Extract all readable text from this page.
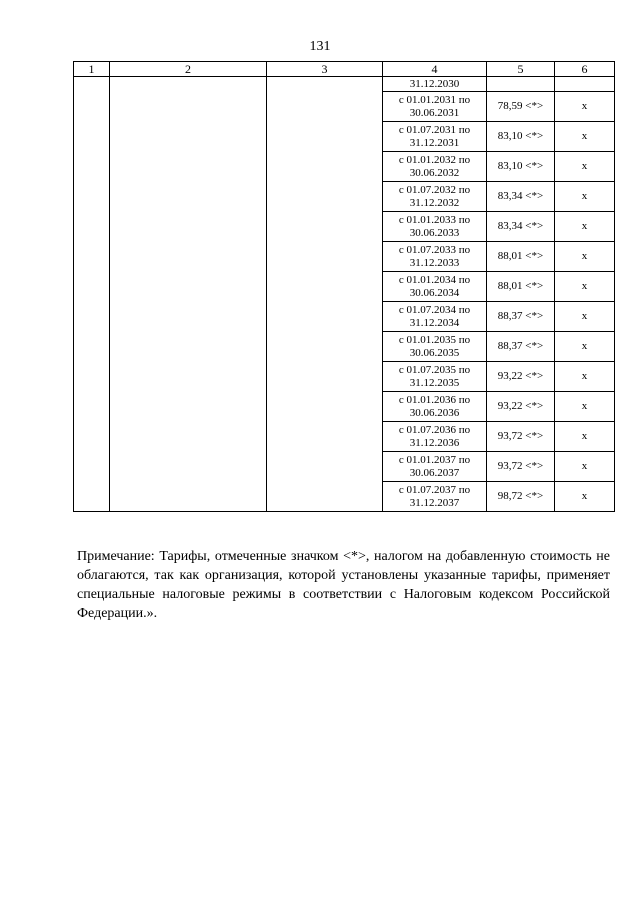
131
1	2	3	4	5	6
			31.12.2030		
			с 01.01.2031 по
30.06.2031	78,59 <*>	x
			с 01.07.2031 по
31.12.2031	83,10 <*>	x
			с 01.01.2032 по
30.06.2032	83,10 <*>	x
			с 01.07.2032 по
31.12.2032	83,34 <*>	x
			с 01.01.2033 по
30.06.2033	83,34 <*>	x
			с 01.07.2033 по
31.12.2033	88,01 <*>	x
			с 01.01.2034 по
30.06.2034	88,01 <*>	x
			с 01.07.2034 по
31.12.2034	88,37 <*>	x
			с 01.01.2035 по
30.06.2035	88,37 <*>	x
			с 01.07.2035 по
31.12.2035	93,22 <*>	x
			с 01.01.2036 по
30.06.2036	93,22 <*>	x
			с 01.07.2036 по
31.12.2036	93,72 <*>	x
			с 01.01.2037 по
30.06.2037	93,72 <*>	x
			с 01.07.2037 по
31.12.2037	98,72 <*>	x

Примечание: Тарифы, отмеченные значком <*>, налогом на добавленную стоимость не облагаются, так как организация, которой установлены указанные тарифы, применяет специальные налоговые режимы в соответствии с Налоговым кодексом Российской Федерации.».
